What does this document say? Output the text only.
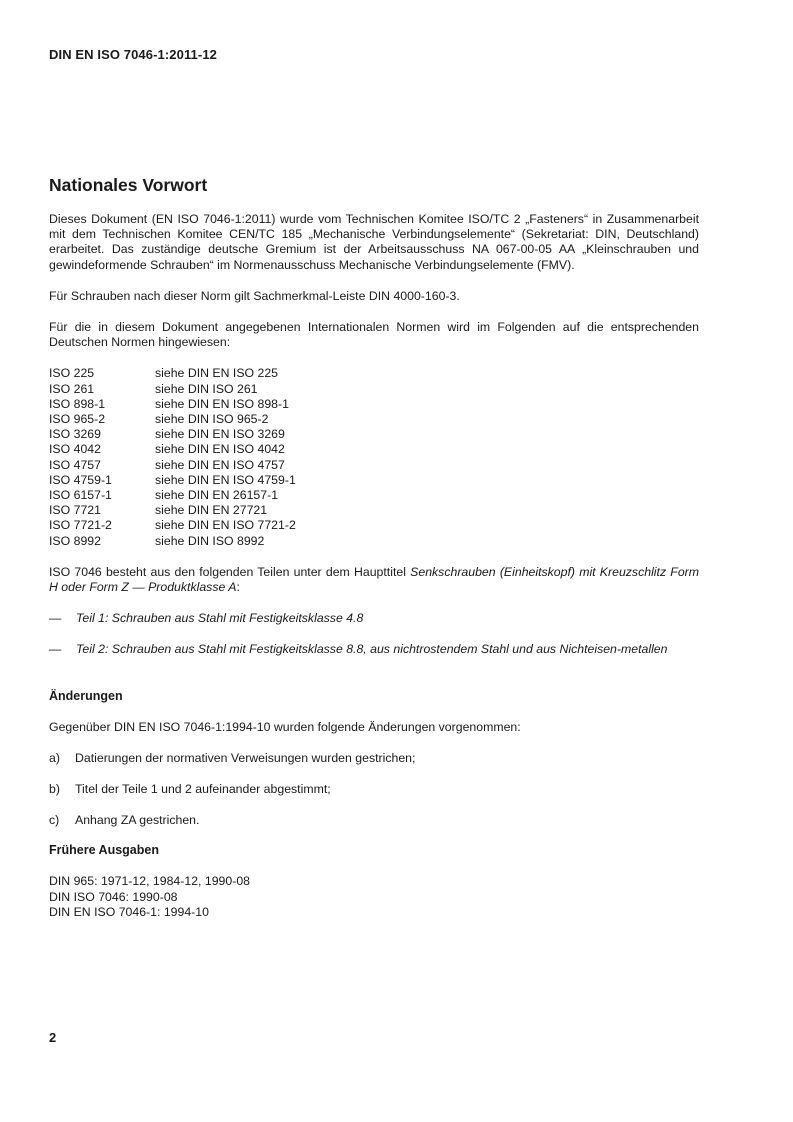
DIN EN ISO 7046-1:2011-12
Nationales Vorwort

Dieses Dokument (EN ISO 7046-1:2011) wurde vom Technischen Komitee ISO/TC 2 „Fasteners“ in Zusammenarbeit mit dem Technischen Komitee CEN/TC 185 „Mechanische Verbindungselemente“ (Sekretariat: DIN, Deutschland) erarbeitet. Das zuständige deutsche Gremium ist der Arbeitsausschuss NA 067-00-05 AA „Kleinschrauben und gewindeformende Schrauben“ im Normenausschuss Mechanische Verbindungselemente (FMV).

Für Schrauben nach dieser Norm gilt Sachmerkmal-Leiste DIN 4000-160-3.

Für die in diesem Dokument angegebenen Internationalen Normen wird im Folgenden auf die entsprechenden Deutschen Normen hingewiesen:

ISO 225	siehe DIN EN ISO 225
ISO 261	siehe DIN ISO 261
ISO 898-1	siehe DIN EN ISO 898-1
ISO 965-2	siehe DIN ISO 965-2
ISO 3269	siehe DIN EN ISO 3269
ISO 4042	siehe DIN EN ISO 4042
ISO 4757	siehe DIN EN ISO 4757
ISO 4759-1	siehe DIN EN ISO 4759-1
ISO 6157-1	siehe DIN EN 26157-1
ISO 7721	siehe DIN EN 27721
ISO 7721-2	siehe DIN EN ISO 7721-2
ISO 8992	siehe DIN ISO 8992

ISO 7046 besteht aus den folgenden Teilen unter dem Haupttitel Senkschrauben (Einheitskopf) mit Kreuzschlitz Form H oder Form Z — Produktklasse A:

—	Teil 1: Schrauben aus Stahl mit Festigkeitsklasse 4.8
—	Teil 2: Schrauben aus Stahl mit Festigkeitsklasse 8.8, aus nichtrostendem Stahl und aus Nichteisen-metallen
Änderungen

Gegenüber DIN EN ISO 7046-1:1994-10 wurden folgende Änderungen vorgenommen:

a)	Datierungen der normativen Verweisungen wurden gestrichen;
b)	Titel der Teile 1 und 2 aufeinander abgestimmt;
c)	Anhang ZA gestrichen.
Frühere Ausgaben

DIN 965: 1971-12, 1984-12, 1990-08

DIN ISO 7046: 1990-08

DIN EN ISO 7046-1: 1994-10

2
